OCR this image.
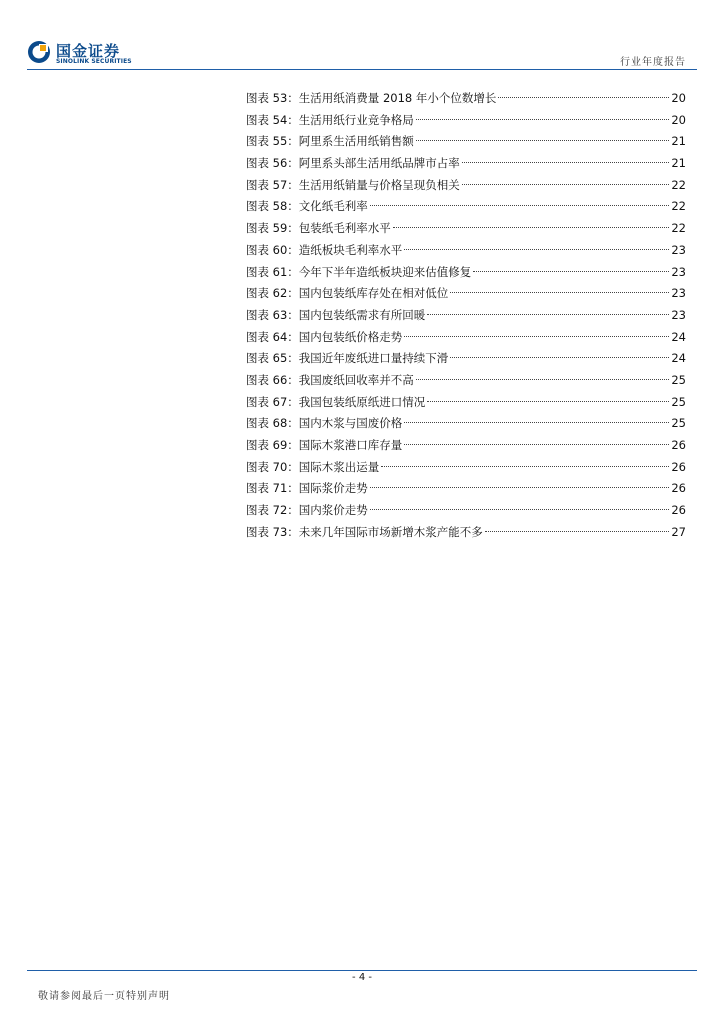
国金证券
SINOLINK SECURITIES	行业年度报告
图表 53：生活用纸消费量 2018 年小个位数增长	20
图表 54：生活用纸行业竞争格局	20
图表 55：阿里系生活用纸销售额	21
图表 56：阿里系头部生活用纸品牌市占率	21
图表 57：生活用纸销量与价格呈现负相关	22
图表 58：文化纸毛利率	22
图表 59：包装纸毛利率水平	22
图表 60：造纸板块毛利率水平	23
图表 61：今年下半年造纸板块迎来估值修复	23
图表 62：国内包装纸库存处在相对低位	23
图表 63：国内包装纸需求有所回暖	23
图表 64：国内包装纸价格走势	24
图表 65：我国近年废纸进口量持续下滑	24
图表 66：我国废纸回收率并不高	25
图表 67：我国包装纸原纸进口情况	25
图表 68：国内木浆与国废价格	25
图表 69：国际木浆港口库存量	26
图表 70：国际木浆出运量	26
图表 71：国际浆价走势	26
图表 72：国内浆价走势	26
图表 73：未来几年国际市场新增木浆产能不多	27
- 4 -
敬请参阅最后一页特别声明
